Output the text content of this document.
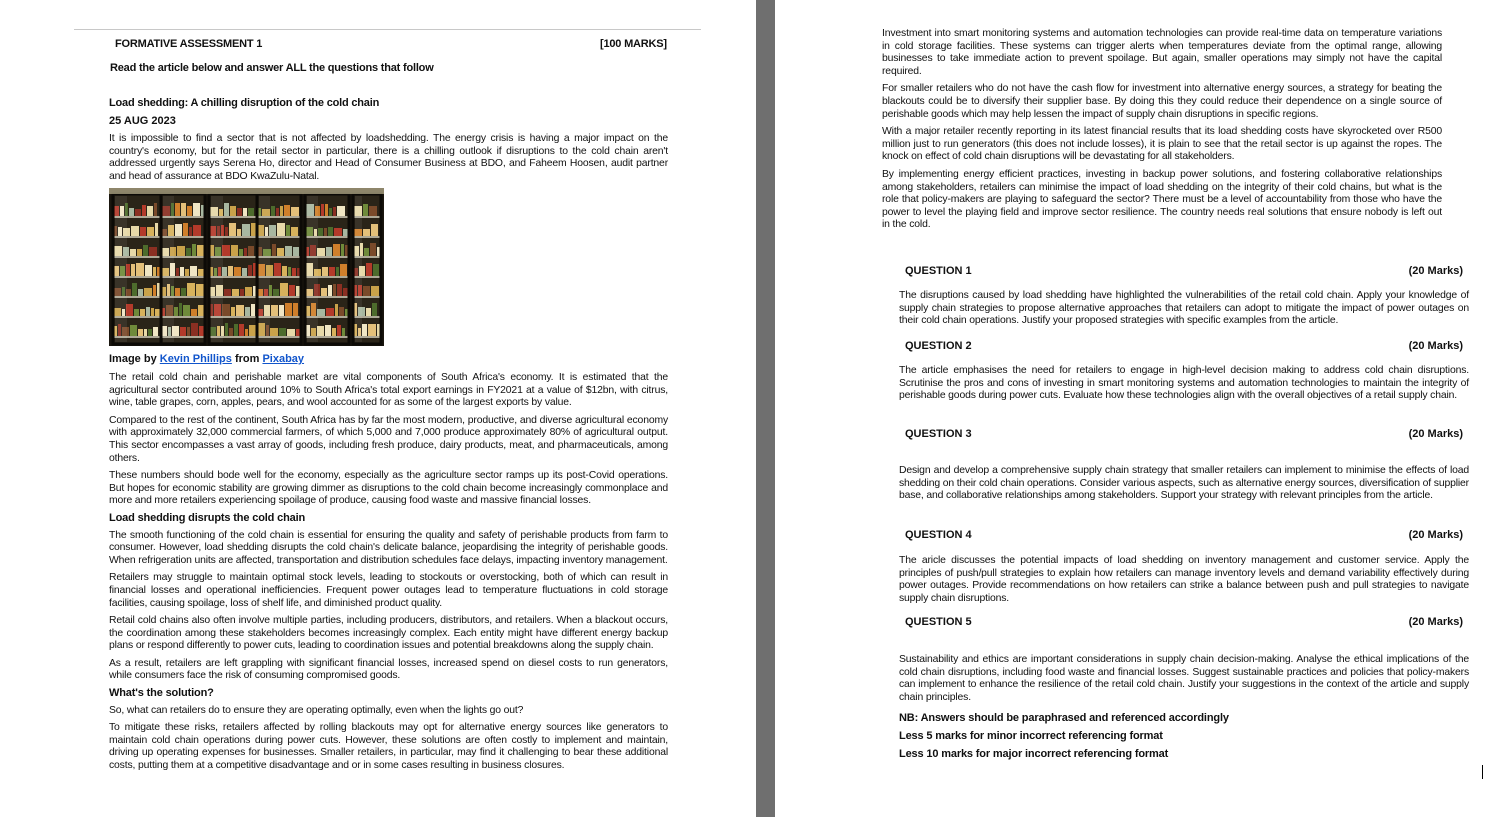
FORMATIVE ASSESSMENT 1	[100 MARKS]
Read the article below and answer ALL the questions that follow
Load shedding: A chilling disruption of the cold chain
25 AUG 2023

It is impossible to find a sector that is not affected by loadshedding. The energy crisis is having a major impact on the country's economy, but for the retail sector in particular, there is a chilling outlook if disruptions to the cold chain aren't addressed urgently says Serena Ho, director and Head of Consumer Business at BDO, and Faheem Hoosen, audit partner and head of assurance at BDO KwaZulu-Natal.

Image by Kevin Phillips from Pixabay

The retail cold chain and perishable market are vital components of South Africa's economy. It is estimated that the agricultural sector contributed around 10% to South Africa's total export earnings in FY2021 at a value of $12bn, with citrus, wine, table grapes, corn, apples, pears, and wool accounted for as some of the largest exports by value.

Compared to the rest of the continent, South Africa has by far the most modern, productive, and diverse agricultural economy with approximately 32,000 commercial farmers, of which 5,000 and 7,000 produce approximately 80% of agricultural output. This sector encompasses a vast array of goods, including fresh produce, dairy products, meat, and pharmaceuticals, among others.

These numbers should bode well for the economy, especially as the agriculture sector ramps up its post-Covid operations. But hopes for economic stability are growing dimmer as disruptions to the cold chain become increasingly commonplace and more and more retailers experiencing spoilage of produce, causing food waste and massive financial losses.

Load shedding disrupts the cold chain

The smooth functioning of the cold chain is essential for ensuring the quality and safety of perishable products from farm to consumer. However, load shedding disrupts the cold chain's delicate balance, jeopardising the integrity of perishable goods. When refrigeration units are affected, transportation and distribution schedules face delays, impacting inventory management.

Retailers may struggle to maintain optimal stock levels, leading to stockouts or overstocking, both of which can result in financial losses and operational inefficiencies. Frequent power outages lead to temperature fluctuations in cold storage facilities, causing spoilage, loss of shelf life, and diminished product quality.

Retail cold chains also often involve multiple parties, including producers, distributors, and retailers. When a blackout occurs, the coordination among these stakeholders becomes increasingly complex. Each entity might have different energy backup plans or respond differently to power cuts, leading to coordination issues and potential breakdowns along the supply chain.

As a result, retailers are left grappling with significant financial losses, increased spend on diesel costs to run generators, while consumers face the risk of consuming compromised goods.

What's the solution?

So, what can retailers do to ensure they are operating optimally, even when the lights go out?

To mitigate these risks, retailers affected by rolling blackouts may opt for alternative energy sources like generators to maintain cold chain operations during power cuts. However, these solutions are often costly to implement and maintain, driving up operating expenses for businesses. Smaller retailers, in particular, may find it challenging to bear these additional costs, putting them at a competitive disadvantage and or in some cases resulting in business closures.

Investment into smart monitoring systems and automation technologies can provide real-time data on temperature variations in cold storage facilities. These systems can trigger alerts when temperatures deviate from the optimal range, allowing businesses to take immediate action to prevent spoilage. But again, smaller operations may simply not have the capital required.

For smaller retailers who do not have the cash flow for investment into alternative energy sources, a strategy for beating the blackouts could be to diversify their supplier base. By doing this they could reduce their dependence on a single source of perishable goods which may help lessen the impact of supply chain disruptions in specific regions.

With a major retailer recently reporting in its latest financial results that its load shedding costs have skyrocketed over R500 million just to run generators (this does not include losses), it is plain to see that the retail sector is up against the ropes. The knock on effect of cold chain disruptions will be devastating for all stakeholders.

By implementing energy efficient practices, investing in backup power solutions, and fostering collaborative relationships among stakeholders, retailers can minimise the impact of load shedding on the integrity of their cold chains, but what is the role that policy-makers are playing to safeguard the sector? There must be a level of accountability from those who have the power to level the playing field and improve sector resilience. The country needs real solutions that ensure nobody is left out in the cold.

QUESTION 1	(20 Marks)

The disruptions caused by load shedding have highlighted the vulnerabilities of the retail cold chain. Apply your knowledge of supply chain strategies to propose alternative approaches that retailers can adopt to mitigate the impact of power outages on their cold chain operations. Justify your proposed strategies with specific examples from the article.

QUESTION 2	(20 Marks)

The article emphasises the need for retailers to engage in high-level decision making to address cold chain disruptions. Scrutinise the pros and cons of investing in smart monitoring systems and automation technologies to maintain the integrity of perishable goods during power cuts. Evaluate how these technologies align with the overall objectives of a retail supply chain.

QUESTION 3	(20 Marks)

Design and develop a comprehensive supply chain strategy that smaller retailers can implement to minimise the effects of load shedding on their cold chain operations. Consider various aspects, such as alternative energy sources, diversification of supplier base, and collaborative relationships among stakeholders. Support your strategy with relevant principles from the article.

QUESTION 4	(20 Marks)

The aricle discusses the potential impacts of load shedding on inventory management and customer service. Apply the principles of push/pull strategies to explain how retailers can manage inventory levels and demand variability effectively during power outages. Provide recommendations on how retailers can strike a balance between push and pull strategies to navigate supply chain disruptions.

QUESTION 5	(20 Marks)

Sustainability and ethics are important considerations in supply chain decision-making. Analyse the ethical implications of the cold chain disruptions, including food waste and financial losses. Suggest sustainable practices and policies that policy-makers can implement to enhance the resilience of the retail cold chain. Justify your suggestions in the context of the article and supply chain principles.

NB: Answers should be paraphrased and referenced accordingly
Less 5 marks for minor incorrect referencing format
Less 10 marks for major incorrect referencing format
